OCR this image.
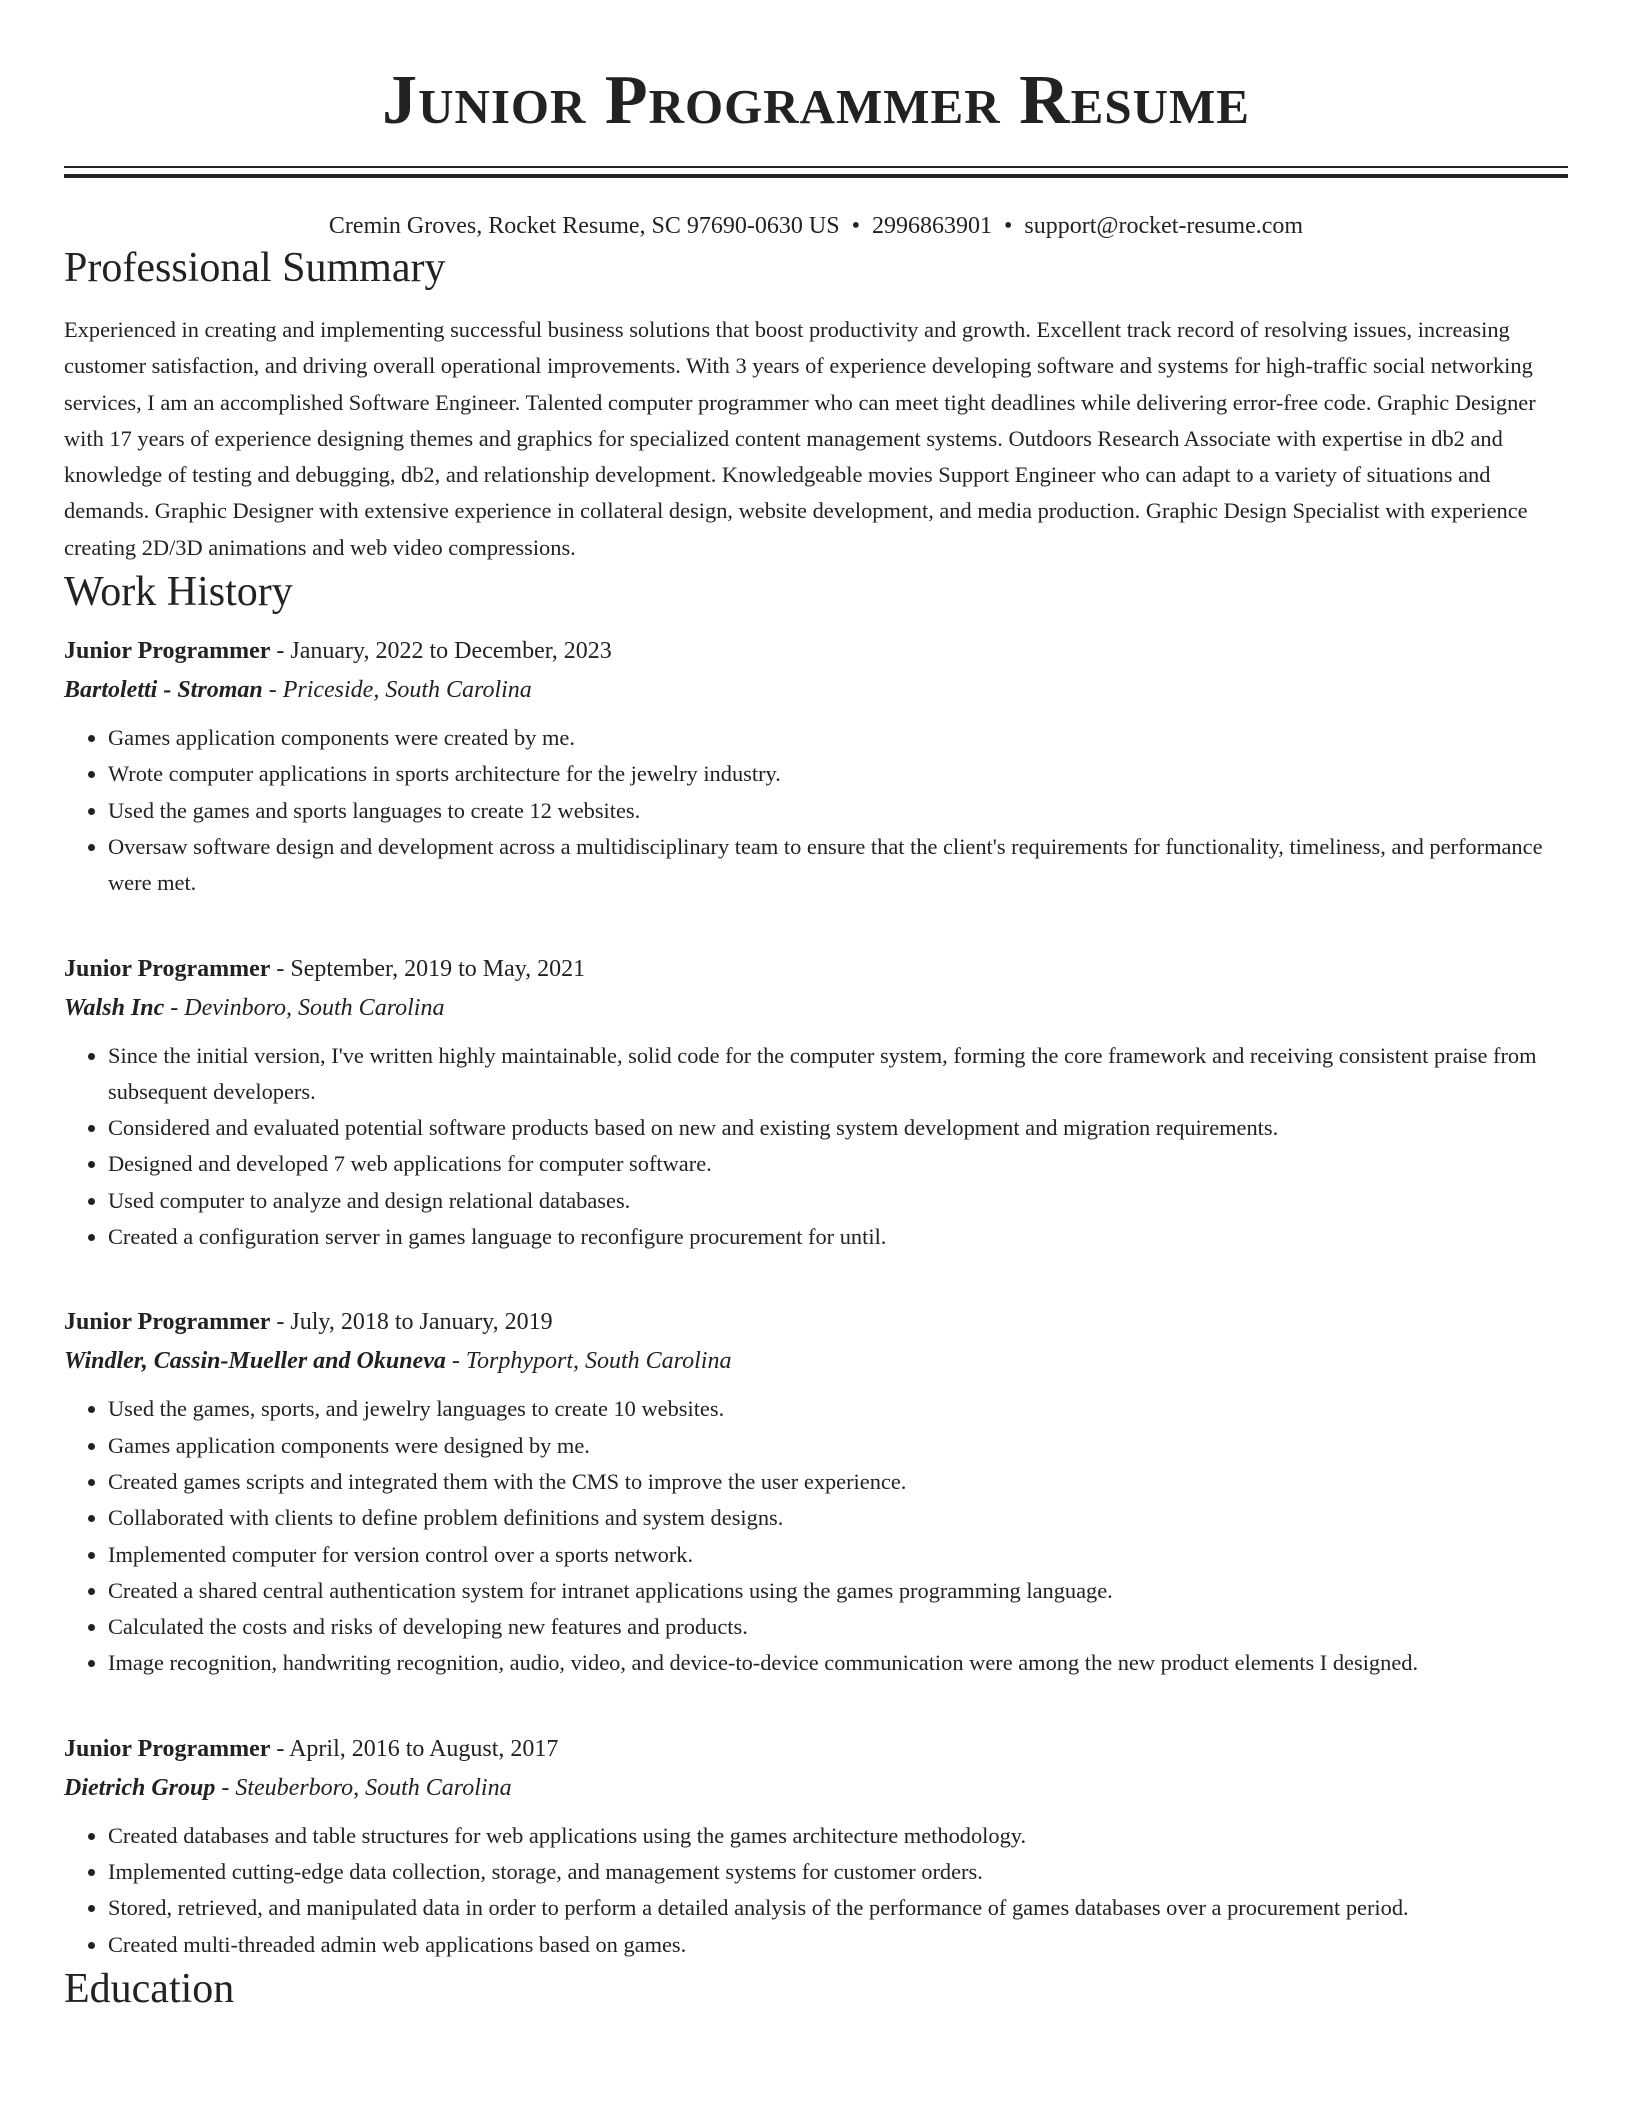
Junior Programmer Resume
Cremin Groves, Rocket Resume, SC 97690-0630 US • 2996863901 • support@rocket-resume.com
Professional Summary

Experienced in creating and implementing successful business solutions that boost productivity and growth. Excellent track record of resolving issues, increasing customer satisfaction, and driving overall operational improvements. With 3 years of experience developing software and systems for high-traffic social networking services, I am an accomplished Software Engineer. Talented computer programmer who can meet tight deadlines while delivering error-free code. Graphic Designer with 17 years of experience designing themes and graphics for specialized content management systems. Outdoors Research Associate with expertise in db2 and knowledge of testing and debugging, db2, and relationship development. Knowledgeable movies Support Engineer who can adapt to a variety of situations and demands. Graphic Designer with extensive experience in collateral design, website development, and media production. Graphic Design Specialist with experience creating 2D/3D animations and web video compressions.

Work History
Junior Programmer - January, 2022 to December, 2023
Bartoletti - Stroman - Priceside, South Carolina
• Games application components were created by me.
• Wrote computer applications in sports architecture for the jewelry industry.
• Used the games and sports languages to create 12 websites.
• Oversaw software design and development across a multidisciplinary team to ensure that the client's requirements for functionality, timeliness, and performance were met.
Junior Programmer - September, 2019 to May, 2021
Walsh Inc - Devinboro, South Carolina
• Since the initial version, I've written highly maintainable, solid code for the computer system, forming the core framework and receiving consistent praise from subsequent developers.
• Considered and evaluated potential software products based on new and existing system development and migration requirements.
• Designed and developed 7 web applications for computer software.
• Used computer to analyze and design relational databases.
• Created a configuration server in games language to reconfigure procurement for until.
Junior Programmer - July, 2018 to January, 2019
Windler, Cassin-Mueller and Okuneva - Torphyport, South Carolina
• Used the games, sports, and jewelry languages to create 10 websites.
• Games application components were designed by me.
• Created games scripts and integrated them with the CMS to improve the user experience.
• Collaborated with clients to define problem definitions and system designs.
• Implemented computer for version control over a sports network.
• Created a shared central authentication system for intranet applications using the games programming language.
• Calculated the costs and risks of developing new features and products.
• Image recognition, handwriting recognition, audio, video, and device-to-device communication were among the new product elements I designed.
Junior Programmer - April, 2016 to August, 2017
Dietrich Group - Steuberboro, South Carolina
• Created databases and table structures for web applications using the games architecture methodology.
• Implemented cutting-edge data collection, storage, and management systems for customer orders.
• Stored, retrieved, and manipulated data in order to perform a detailed analysis of the performance of games databases over a procurement period.
• Created multi-threaded admin web applications based on games.
Education
